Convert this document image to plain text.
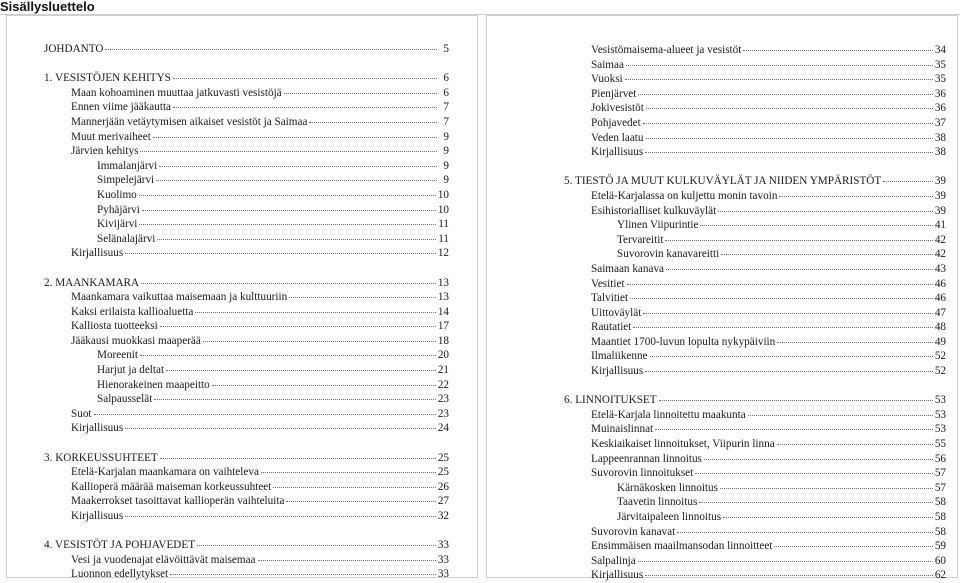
Sisällysluettelo
JOHDANTO	5
1. VESISTÖJEN KEHITYS	6
Maan kohoaminen muuttaa jatkuvasti vesistöjä	6
Ennen viime jääkautta	7
Mannerjään vetäytymisen aikaiset vesistöt ja Saimaa	7
Muut merivaiheet	9
Järvien kehitys	9
Immalanjärvi	9
Simpelejärvi	9
Kuolimo	10
Pyhäjärvi	10
Kivijärvi	11
Selänalajärvi	11
Kirjallisuus	12
2. MAANKAMARA	13
Maankamara vaikuttaa maisemaan ja kulttuuriin	13
Kaksi erilaista kallioaluetta	14
Kalliosta tuotteeksi	17
Jääkausi muokkasi maaperää	18
Moreenit	20
Harjut ja deltat	21
Hienorakeinen maapeitto	22
Salpausselät	23
Suot	23
Kirjallisuus	24
3. KORKEUSSUHTEET	25
Etelä-Karjalan maankamara on vaihteleva	25
Kallioperä määrää maiseman korkeussuhteet	26
Maakerrokset tasoittavat kallioperän vaihteluita	27
Kirjallisuus	32
4. VESISTÖT JA POHJAVEDET	33
Vesi ja vuodenajat elävöittävät maisemaa	33
Luonnon edellytykset	33
Vesistömaisema-alueet ja vesistöt	34
Saimaa	35
Vuoksi	35
Pienjärvet	36
Jokivesistöt	36
Pohjavedet	37
Veden laatu	38
Kirjallisuus	38
5. TIESTÖ JA MUUT KULKUVÄYLÄT JA NIIDEN YMPÄRISTÖT	39
Etelä-Karjalassa on kuljettu monin tavoin	39
Esihistorialliset kulkuväylät	39
Ylinen Viipurintie	41
Tervareitit	42
Suvorovin kanavareitti	42
Saimaan kanava	43
Vesitiet	46
Talvitiet	46
Uittoväylät	47
Rautatiet	48
Maantiet 1700-luvun lopulta nykypäiviin	49
Ilmaliikenne	52
Kirjallisuus	52
6. LINNOITUKSET	53
Etelä-Karjala linnoitettu maakunta	53
Muinaislinnat	53
Keskiaikaiset linnoitukset, Viipurin linna	55
Lappeenrannan linnoitus	56
Suvorovin linnoitukset	57
Kärnäkosken linnoitus	57
Taavetin linnoitus	58
Järvitaipaleen linnoitus	58
Suvorovin kanavat	58
Ensimmäisen maailmansodan linnoitteet	59
Salpalinja	60
Kirjallisuus	62
